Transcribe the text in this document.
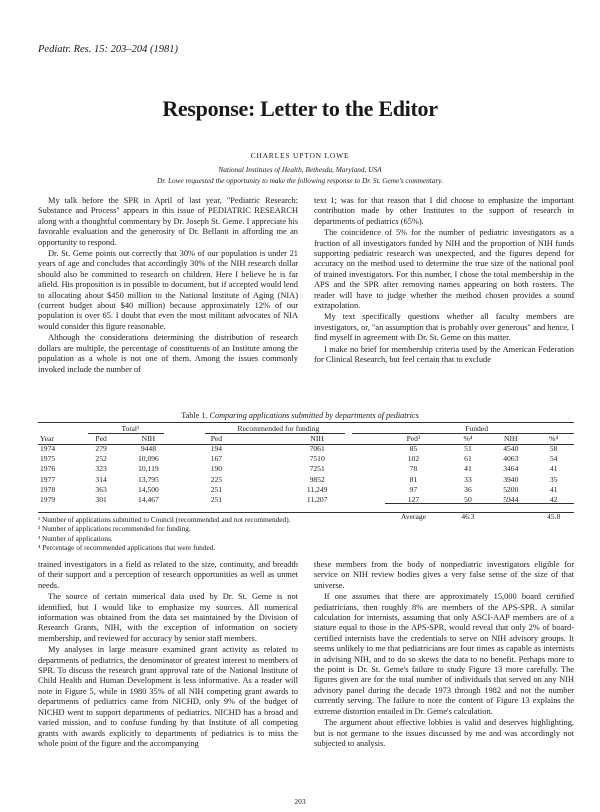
Pediatr. Res. 15: 203–204 (1981)
Response: Letter to the Editor
CHARLES UPTON LOWE
National Institutes of Health, Bethesda, Maryland, USA
Dr. Lowe requested the opportunity to make the following response to Dr. St. Geme's commentary.

My talk before the SPR in April of last year, "Pediatric Research: Substance and Process" appears in this issue of PEDIATRIC RESEARCH along with a thoughtful commentary by Dr. Joseph St. Geme. I appreciate his favorable evaluation and the generosity of Dr. Bellanti in affording me an opportunity to respond.

Dr. St. Geme points out correctly that 30% of our population is under 21 years of age and concludes that accordingly 30% of the NIH research dollar should also be committed to research on children. Here I believe he is far afield. His proposition is in possible to document, but if accepted would lend to allocating about $450 million to the National Institute of Aging (NIA) (current budget about $40 million) because approximately 12% of our population is over 65. I doubt that even the most militant advocates of NIA would consider this figure reasonable.

Although the considerations determining the distribution of research dollars are multiple, the percentage of constituents of an Institute among the population as a whole is not one of them. Among the issues commonly invoked include the number of

text 1; was for that reason that I did choose to emphasize the important contribution made by other Institutes to the support of research in departments of pediatrics (65%).

The coincidence of 5% for the number of pediatric investigators as a fraction of all investigators funded by NIH and the proportion of NIH funds supporting pediatric research was unexpected, and the figures depend for accuracy on the method used to determine the true size of the national pool of trained investigators. For this number, I chose the total membership in the APS and the SPR after removing names appearing on both rosters. The reader will have to judge whether the method chosen provides a sound extrapolation.

My text specifically questions whether all faculty members are investigators, or, "an assumption that is probably over generous" and hence, I find myself in agreement with Dr. St. Geme on this matter.

I make no brief for membership criteria used by the American Federation for Clinical Research, but feel certain that to exclude

Table 1. Comparing applications submitted by departments of pediatrics
	Total¹		Recommended for funding		Funded			
Year	Ped	NIH	Ped	NIH	Ped³	%⁴	NIH	%⁴
1974	279	9448	194	7061	85	51	4540	58
1975	252	10,096	167	7510	102	61	4063	54
1976	323	10,119	190	7251	78	41	3464	41
1977	314	13,795	225	9852	81	33	3940	35
1978	363	14,500	251	11,249	97	36	5200	41
1979	301	14,467	251	11,207	127	50	5944	42
					Average	46.3		45.8
¹ Number of applications submitted to Council (recommended and not recommended).
² Number of applications recommended for funding.
³ Number of applications.
⁴ Percentage of recommended applications that were funded.

trained investigators in a field as related to the size, continuity, and breadth of their support and a perception of research opportunities as well as unmet needs.

The source of certain numerical data used by Dr. St. Geme is not identified, but I would like to emphasize my sources. All numerical information was obtained from the data set maintained by the Division of Research Grants, NIH, with the exception of information on society membership, and reviewed for accuracy by senior staff members.

My analyses in large measure examined grant activity as related to departments of pediatrics, the denominator of greatest interest to members of SPR. To discuss the research grant approval rate of the National Institute of Child Health and Human Development is less informative. As a reader will note in Figure 5, while in 1980 35% of all NIH competing grant awards to departments of pediatrics came from NICHD, only 9% of the budget of NICHD went to support departments of pediatrics. NICHD has a broad and varied mission, and to confuse funding by that Institute of all competing grants with awards explicitly to departments of pediatrics is to miss the whole point of the figure and the accompanying

these members from the body of nonpediatric investigators eligible for service on NIH review bodies gives a very false sense of the size of that universe.

If one assumes that there are approximately 15,000 board certified pediatricians, then roughly 8% are members of the APS-SPR. A similar calculation for internists, assuming that only ASCI-AAP members are of a stature equal to those in the APS-SPR, would reveal that only 2% of board-certified internists have the credentials to serve on NIH advisory groups. It seems unlikely to me that pediatricians are four times as capable as internists in advising NIH, and to do so skews the data to no benefit. Perhaps more to the point is Dr. St. Geme's failure to study Figure 13 more carefully. The figures given are for the total number of individuals that served on any NIH advisory panel during the decade 1973 through 1982 and not the number currently serving. The failure to note the content of Figure 13 explains the extreme distortion entailed in Dr. Geme's calculation.

The argument about effective lobbies is valid and deserves highlighting, but is not germane to the issues discussed by me and was accordingly not subjected to analysis.

203
